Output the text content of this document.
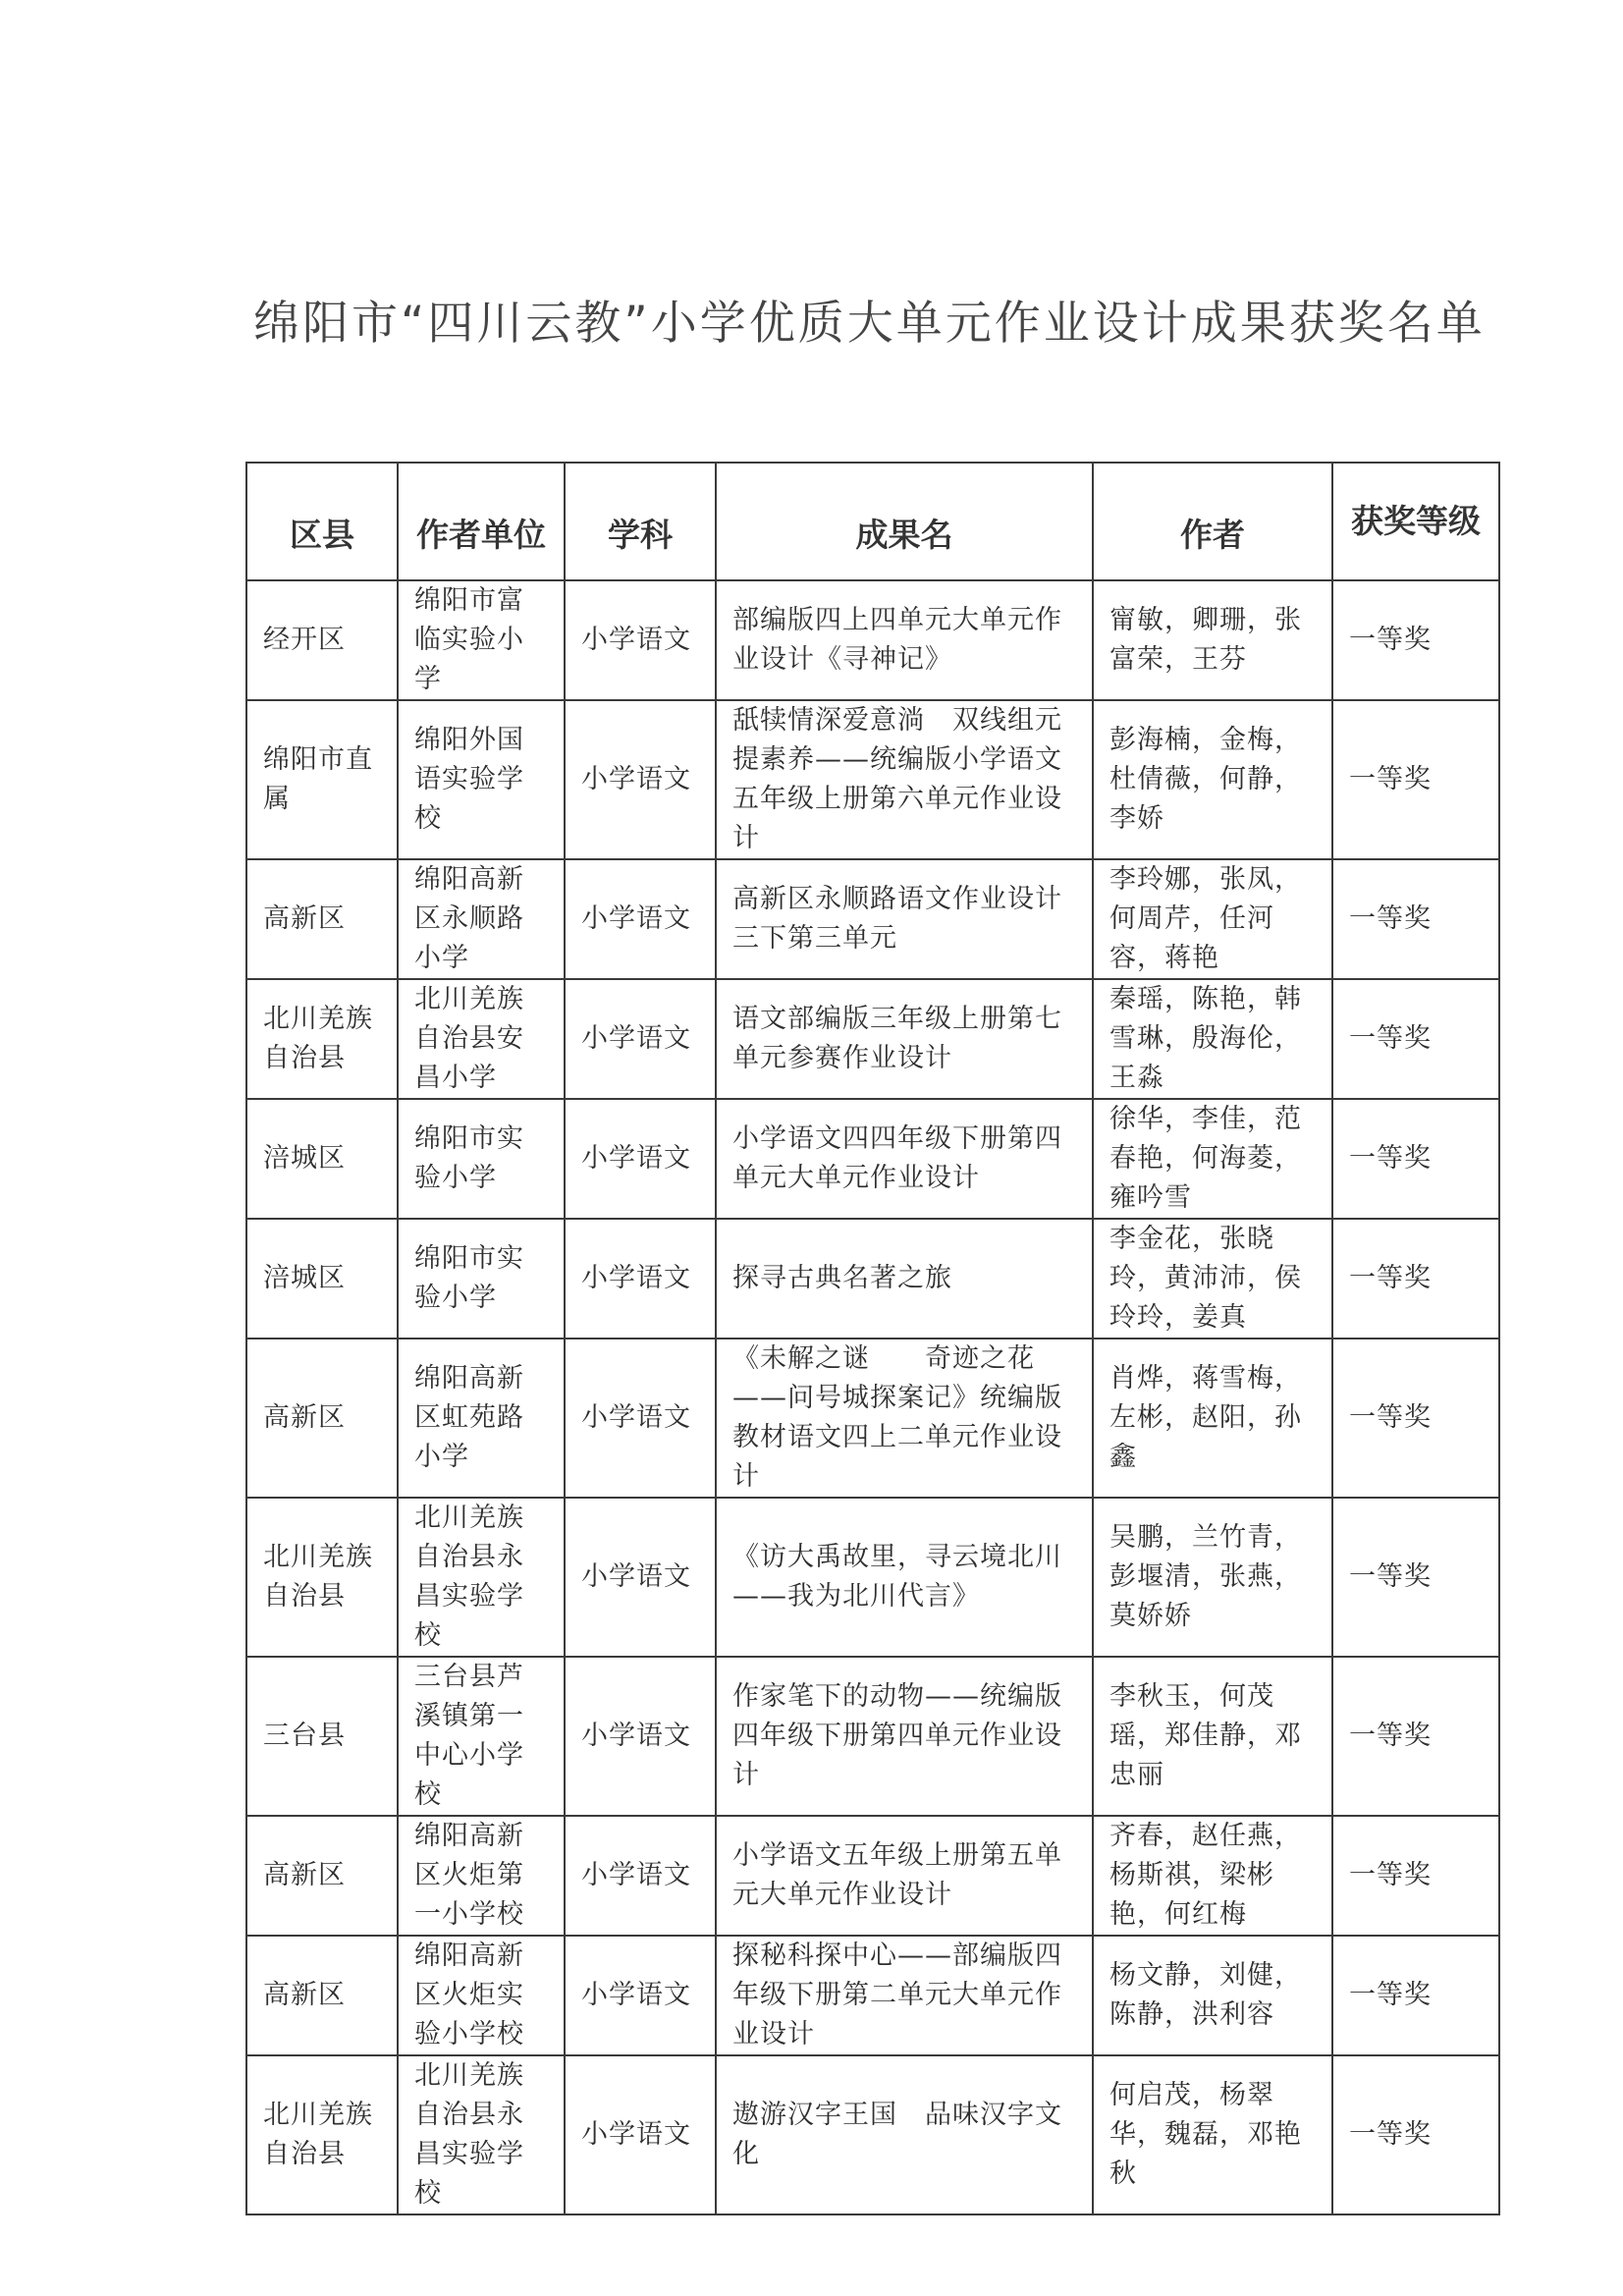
绵阳市“四川云教”小学优质大单元作业设计成果获奖名单
区县	作者单位	学科	成果名	作者	获奖等级
经开区	绵阳市富临实验小学	小学语文	部编版四上四单元大单元作业设计《寻神记》	甯敏，卿珊，张富荣，王芬	一等奖
绵阳市直属	绵阳外国语实验学校	小学语文	舐犊情深爱意淌　双线组元提素养——统编版小学语文五年级上册第六单元作业设计	彭海楠，金梅，杜倩薇，何静，李娇	一等奖
高新区	绵阳高新区永顺路小学	小学语文	高新区永顺路语文作业设计三下第三单元	李玲娜，张凤，何周芹，任河容，蒋艳	一等奖
北川羌族自治县	北川羌族自治县安昌小学	小学语文	语文部编版三年级上册第七单元参赛作业设计	秦瑶，陈艳，韩雪琳，殷海伦，王淼	一等奖
涪城区	绵阳市实验小学	小学语文	小学语文四四年级下册第四单元大单元作业设计	徐华，李佳，范春艳，何海菱，雍吟雪	一等奖
涪城区	绵阳市实验小学	小学语文	探寻古典名著之旅	李金花，张晓玲，黄沛沛，侯玲玲，姜真	一等奖
高新区	绵阳高新区虹苑路小学	小学语文	《未解之谜　　奇迹之花——问号城探案记》统编版教材语文四上二单元作业设计	肖烨，蒋雪梅，左彬，赵阳，孙鑫	一等奖
北川羌族自治县	北川羌族自治县永昌实验学校	小学语文	《访大禹故里，寻云境北川——我为北川代言》	吴鹏，兰竹青，彭堰清，张燕，莫娇娇	一等奖
三台县	三台县芦溪镇第一中心小学校	小学语文	作家笔下的动物——统编版四年级下册第四单元作业设计	李秋玉，何茂瑶，郑佳静，邓忠丽	一等奖
高新区	绵阳高新区火炬第一小学校	小学语文	小学语文五年级上册第五单元大单元作业设计	齐春，赵任燕，杨斯祺，梁彬艳，何红梅	一等奖
高新区	绵阳高新区火炬实验小学校	小学语文	探秘科探中心——部编版四年级下册第二单元大单元作业设计	杨文静，刘健，陈静，洪利容	一等奖
北川羌族自治县	北川羌族自治县永昌实验学校	小学语文	遨游汉字王国　品味汉字文化	何启茂，杨翠华，魏磊，邓艳秋	一等奖
